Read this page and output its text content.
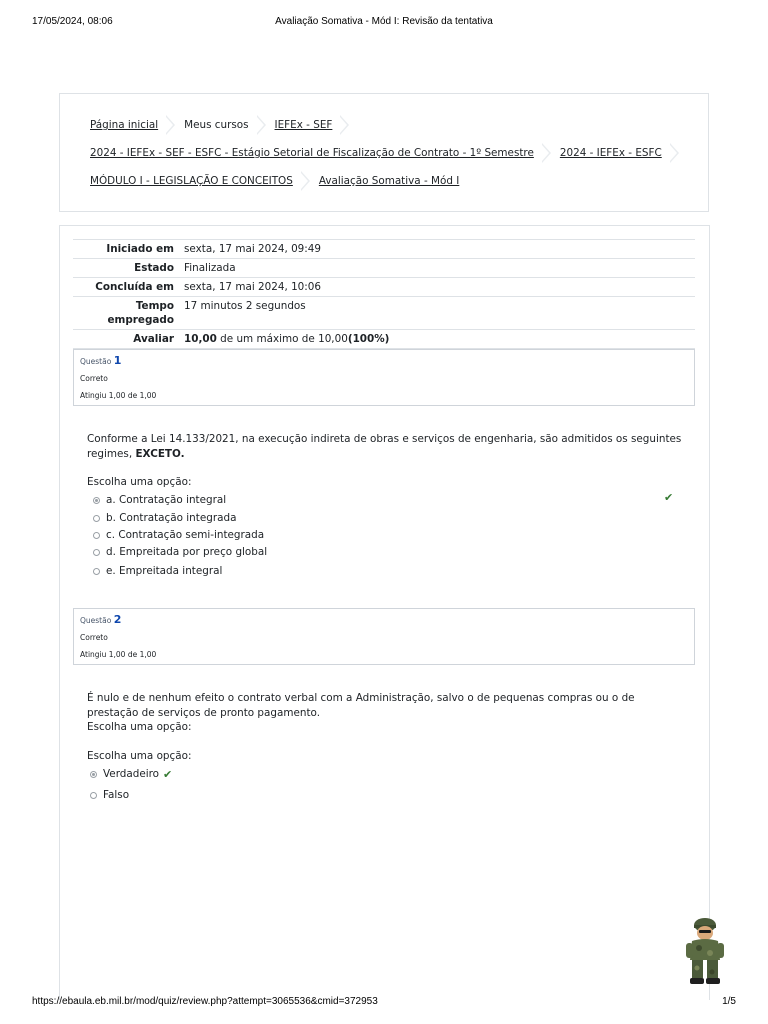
17/05/2024, 08:06	Avaliação Somativa - Mód I: Revisão da tentativa
Página inicial	Meus cursos	IEFEx - SEF
2024 - IEFEx - SEF - ESFC - Estágio Setorial de Fiscalização de Contrato - 1º Semestre	2024 - IEFEx - ESFC
MÓDULO I - LEGISLAÇÃO E CONCEITOS	Avaliação Somativa - Mód I
Iniciado em	sexta, 17 mai 2024, 09:49
Estado	Finalizada
Concluída em	sexta, 17 mai 2024, 10:06
Tempo
empregado	17 minutos 2 segundos
Avaliar	10,00 de um máximo de 10,00(100%)
Questão 1
Correto
Atingiu 1,00 de 1,00
Conforme a Lei 14.133/2021, na execução indireta de obras e serviços de engenharia, são admitidos os seguintes regimes, EXCETO.
Escolha uma opção:
a. Contratação integral	✔
b. Contratação integrada
c. Contratação semi-integrada
d. Empreitada por preço global
e. Empreitada integral
Questão 2
Correto
Atingiu 1,00 de 1,00
É nulo e de nenhum efeito o contrato verbal com a Administração, salvo o de pequenas compras ou o de prestação de serviços de pronto pagamento.
Escolha uma opção:
Escolha uma opção:
Verdadeiro ✔
Falso
https://ebaula.eb.mil.br/mod/quiz/review.php?attempt=3065536&cmid=372953	1/5
